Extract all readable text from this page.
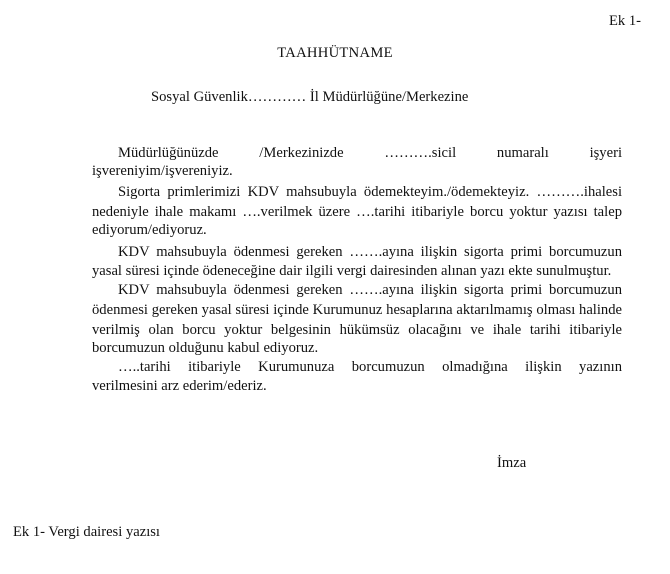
Ek 1-
TAAHHÜTNAME
Sosyal Güvenlik………… İl Müdürlüğüne/Merkezine
Müdürlüğünüzde /Merkezinizde ……….sicil numaralı işyeri
işvereniyim/işvereniyiz.
Sigorta primlerimizi KDV mahsubuyla ödemekteyim./ödemekteyiz. ……….ihalesi
nedeniyle ihale makamı ….verilmek üzere ….tarihi itibariyle borcu yoktur yazısı talep
ediyorum/ediyoruz.
KDV mahsubuyla ödenmesi gereken …….ayına ilişkin sigorta primi borcumuzun
yasal süresi içinde ödeneceğine dair ilgili vergi dairesinden alınan yazı ekte sunulmuştur.
KDV mahsubuyla ödenmesi gereken …….ayına ilişkin sigorta primi borcumuzun
ödenmesi gereken yasal süresi içinde Kurumunuz hesaplarına aktarılmamış olması halinde
verilmiş olan borcu yoktur belgesinin hükümsüz olacağını ve ihale tarihi itibariyle
borcumuzun olduğunu kabul ediyoruz.
…..tarihi itibariyle Kurumunuza borcumuzun olmadığına ilişkin yazının
verilmesini arz ederim/ederiz.
İmza
Ek 1- Vergi dairesi yazısı
